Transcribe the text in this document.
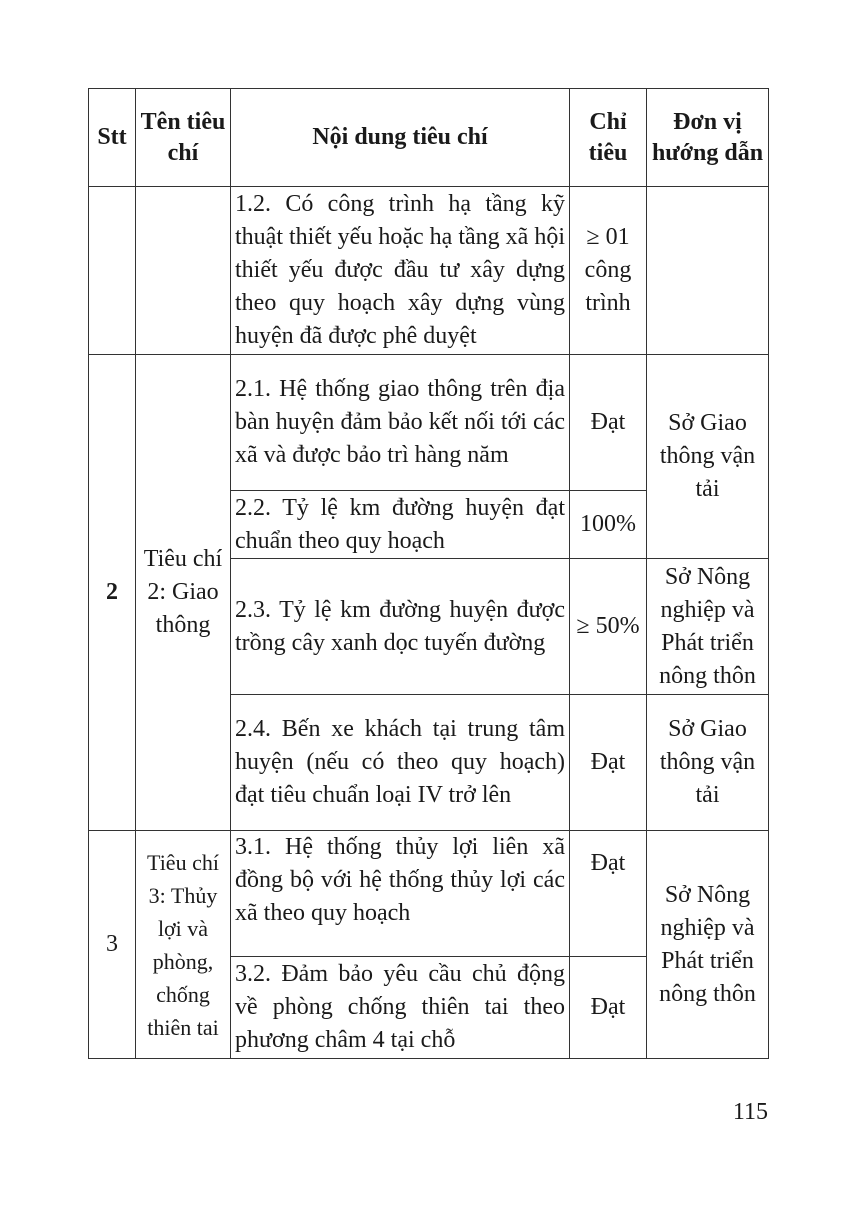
Stt	Tên tiêu chí	Nội dung tiêu chí	Chỉ tiêu	Đơn vị hướng dẫn
		1.2. Có công trình hạ tầng kỹ thuật thiết yếu hoặc hạ tầng xã hội thiết yếu được đầu tư xây dựng theo quy hoạch xây dựng vùng huyện đã được phê duyệt	≥ 01 công trình	
2	Tiêu chí 2: Giao thông	2.1. Hệ thống giao thông trên địa bàn huyện đảm bảo kết nối tới các xã và được bảo trì hàng năm	Đạt	Sở Giao thông vận tải
		2.2. Tỷ lệ km đường huyện đạt chuẩn theo quy hoạch	100%	
		2.3. Tỷ lệ km đường huyện được trồng cây xanh dọc tuyến đường	≥ 50%	Sở Nông nghiệp và Phát triển nông thôn
		2.4. Bến xe khách tại trung tâm huyện (nếu có theo quy hoạch) đạt tiêu chuẩn loại IV trở lên	Đạt	Sở Giao thông vận tải
3	Tiêu chí 3: Thủy lợi và phòng, chống thiên tai	3.1. Hệ thống thủy lợi liên xã đồng bộ với hệ thống thủy lợi các xã theo quy hoạch	Đạt	Sở Nông nghiệp và Phát triển nông thôn
		3.2. Đảm bảo yêu cầu chủ động về phòng chống thiên tai theo phương châm 4 tại chỗ	Đạt	
115
